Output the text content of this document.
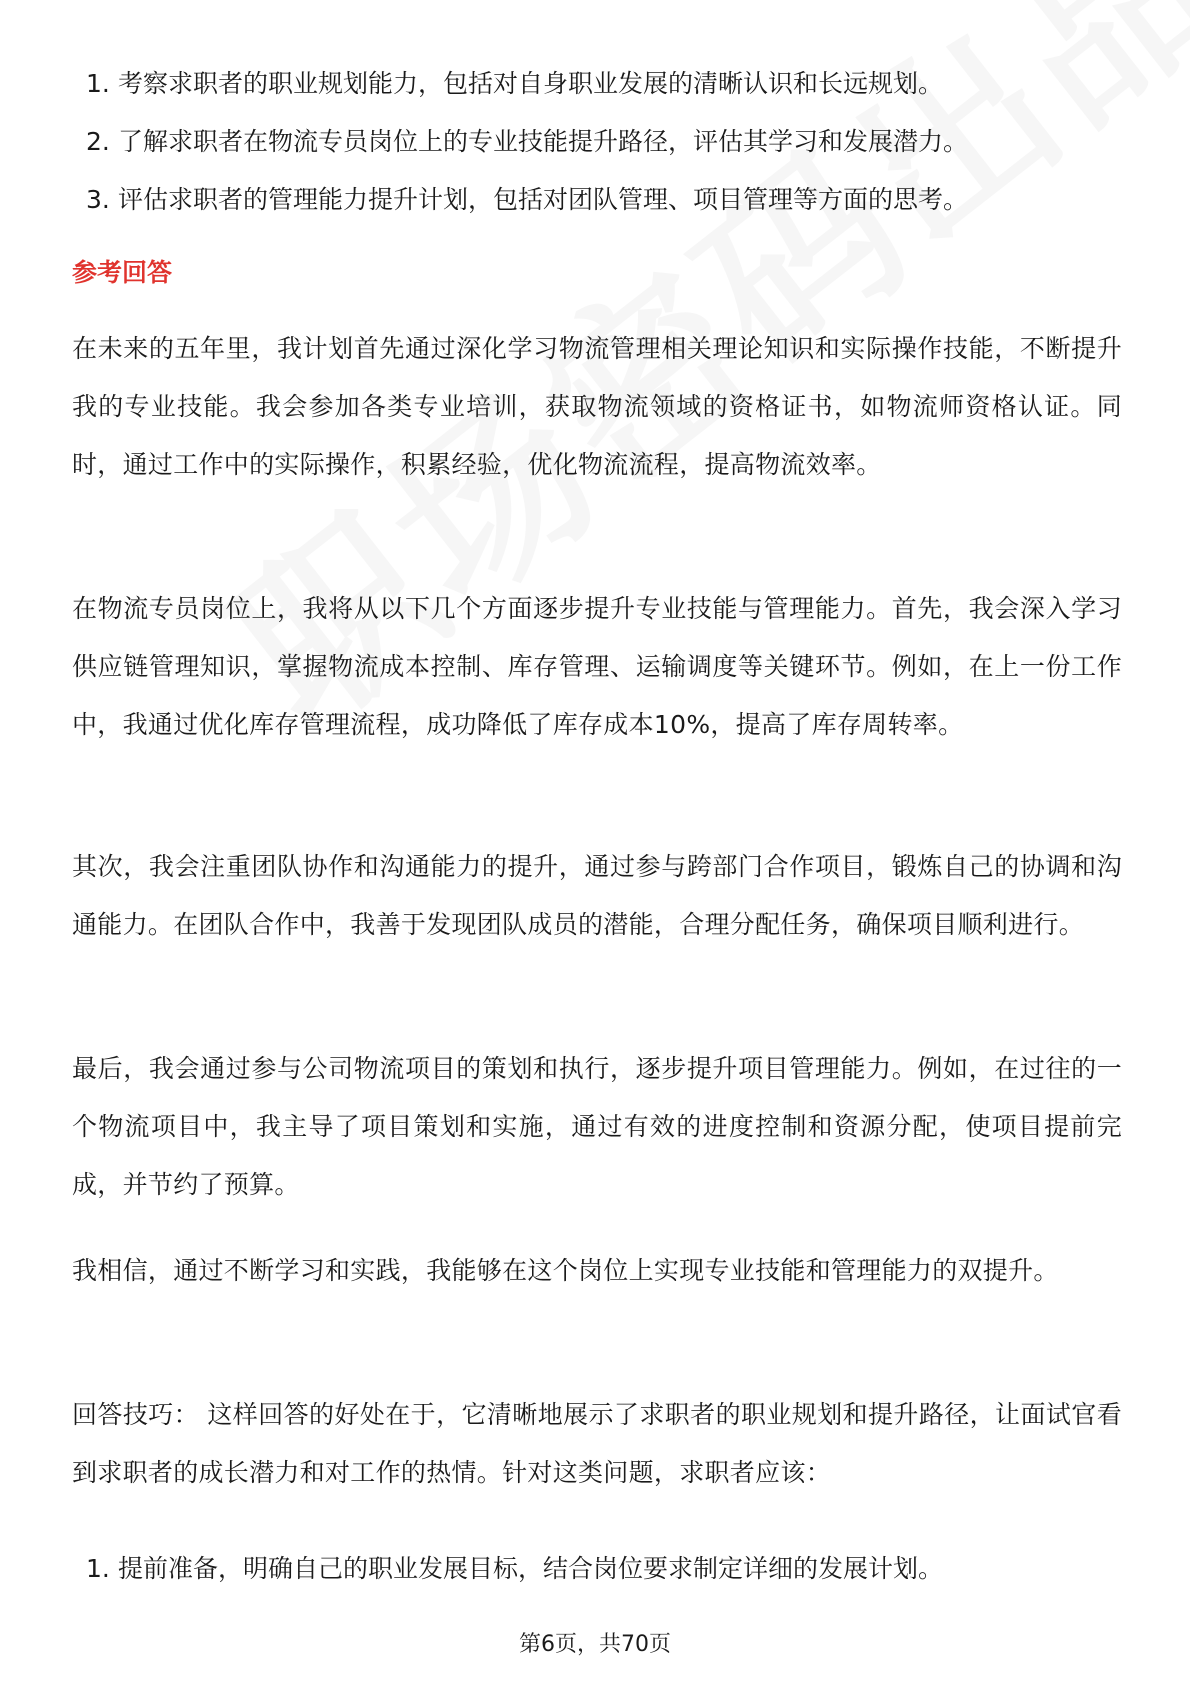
1. 考察求职者的职业规划能力，包括对自身职业发展的清晰认识和长远规划。
2. 了解求职者在物流专员岗位上的专业技能提升路径，评估其学习和发展潜力。
3. 评估求职者的管理能力提升计划，包括对团队管理、项目管理等方面的思考。
参考回答

在未来的五年里，我计划首先通过深化学习物流管理相关理论知识和实际操作技能，不断提升我的专业技能。我会参加各类专业培训，获取物流领域的资格证书，如物流师资格认证。同时，通过工作中的实际操作，积累经验，优化物流流程，提高物流效率。

在物流专员岗位上，我将从以下几个方面逐步提升专业技能与管理能力。首先，我会深入学习供应链管理知识，掌握物流成本控制、库存管理、运输调度等关键环节。例如，在上一份工作中，我通过优化库存管理流程，成功降低了库存成本10%，提高了库存周转率。

其次，我会注重团队协作和沟通能力的提升，通过参与跨部门合作项目，锻炼自己的协调和沟通能力。在团队合作中，我善于发现团队成员的潜能，合理分配任务，确保项目顺利进行。

最后，我会通过参与公司物流项目的策划和执行，逐步提升项目管理能力。例如，在过往的一个物流项目中，我主导了项目策划和实施，通过有效的进度控制和资源分配，使项目提前完成，并节约了预算。

我相信，通过不断学习和实践，我能够在这个岗位上实现专业技能和管理能力的双提升。

回答技巧： 这样回答的好处在于，它清晰地展示了求职者的职业规划和提升路径，让面试官看到求职者的成长潜力和对工作的热情。针对这类问题，求职者应该：

1. 提前准备，明确自己的职业发展目标，结合岗位要求制定详细的发展计划。
第6页，共70页
